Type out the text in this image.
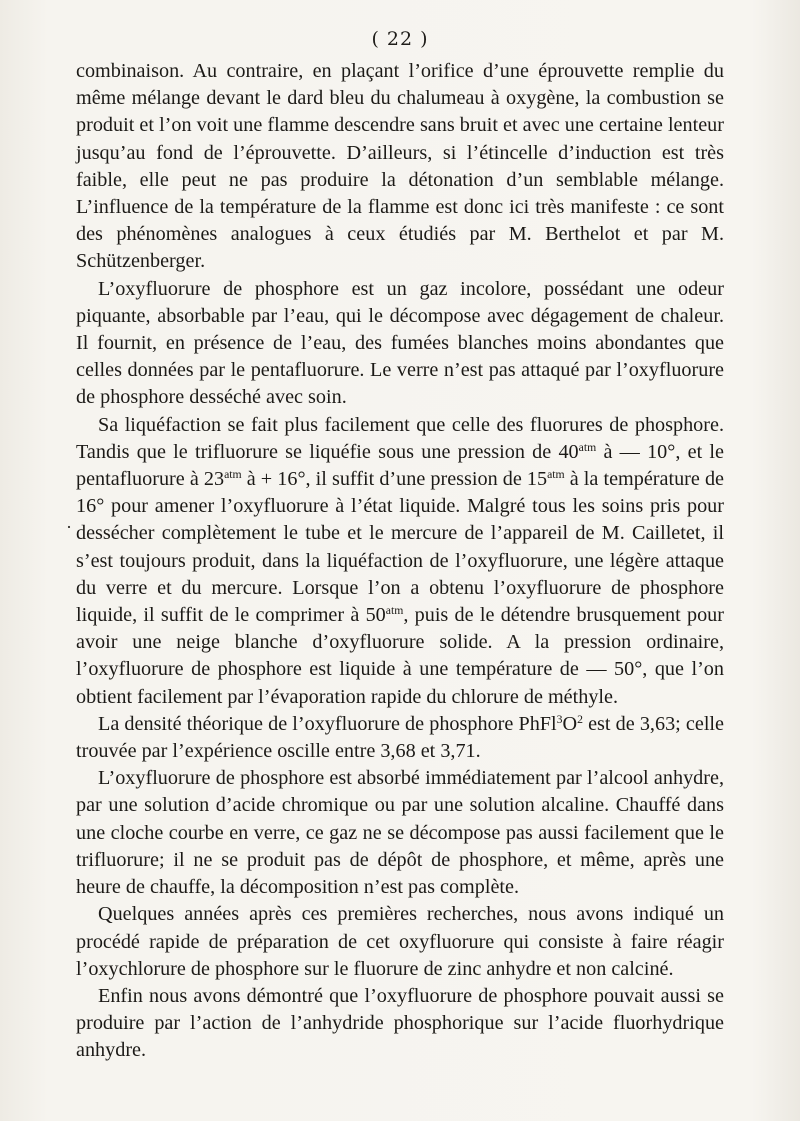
( 22 )
·

combinaison. Au contraire, en plaçant l’orifice d’une éprouvette remplie du même mélange devant le dard bleu du chalumeau à oxygène, la combustion se produit et l’on voit une flamme descendre sans bruit et avec une certaine lenteur jusqu’au fond de l’éprouvette. D’ailleurs, si l’étincelle d’induction est très faible, elle peut ne pas produire la détonation d’un semblable mélange. L’influence de la température de la flamme est donc ici très manifeste : ce sont des phénomènes analogues à ceux étudiés par M. Berthelot et par M. Schützenberger.

L’oxyfluorure de phosphore est un gaz incolore, possédant une odeur piquante, absorbable par l’eau, qui le décompose avec dégagement de chaleur. Il fournit, en présence de l’eau, des fumées blanches moins abondantes que celles données par le pentafluorure. Le verre n’est pas attaqué par l’oxyfluorure de phosphore desséché avec soin.

Sa liquéfaction se fait plus facilement que celle des fluorures de phosphore. Tandis que le trifluorure se liquéfie sous une pression de $40^{atm}$ à — 10°, et le pentafluorure à $23^{atm}$ à + 16°, il suffit d’une pression de $15^{atm}$ à la température de 16° pour amener l’oxyfluorure à l’état liquide. Malgré tous les soins pris pour dessécher complètement le tube et le mercure de l’appareil de M. Cailletet, il s’est toujours produit, dans la liquéfaction de l’oxyfluorure, une légère attaque du verre et du mercure. Lorsque l’on a obtenu l’oxyfluorure de phosphore liquide, il suffit de le comprimer à $50^{atm}$, puis de le détendre brusquement pour avoir une neige blanche d’oxyfluorure solide. A la pression ordinaire, l’oxyfluorure de phosphore est liquide à une température de — 50°, que l’on obtient facilement par l’évaporation rapide du chlorure de méthyle.

La densité théorique de l’oxyfluorure de phosphore $PhFl^3O^2$ est de 3,63; celle trouvée par l’expérience oscille entre 3,68 et 3,71.

L’oxyfluorure de phosphore est absorbé immédiatement par l’alcool anhydre, par une solution d’acide chromique ou par une solution alcaline. Chauffé dans une cloche courbe en verre, ce gaz ne se décompose pas aussi facilement que le trifluorure; il ne se produit pas de dépôt de phosphore, et même, après une heure de chauffe, la décomposition n’est pas complète.

Quelques années après ces premières recherches, nous avons indiqué un procédé rapide de préparation de cet oxyfluorure qui consiste à faire réagir l’oxychlorure de phosphore sur le fluorure de zinc anhydre et non calciné.

Enfin nous avons démontré que l’oxyfluorure de phosphore pouvait aussi se produire par l’action de l’anhydride phosphorique sur l’acide fluorhydrique anhydre.
